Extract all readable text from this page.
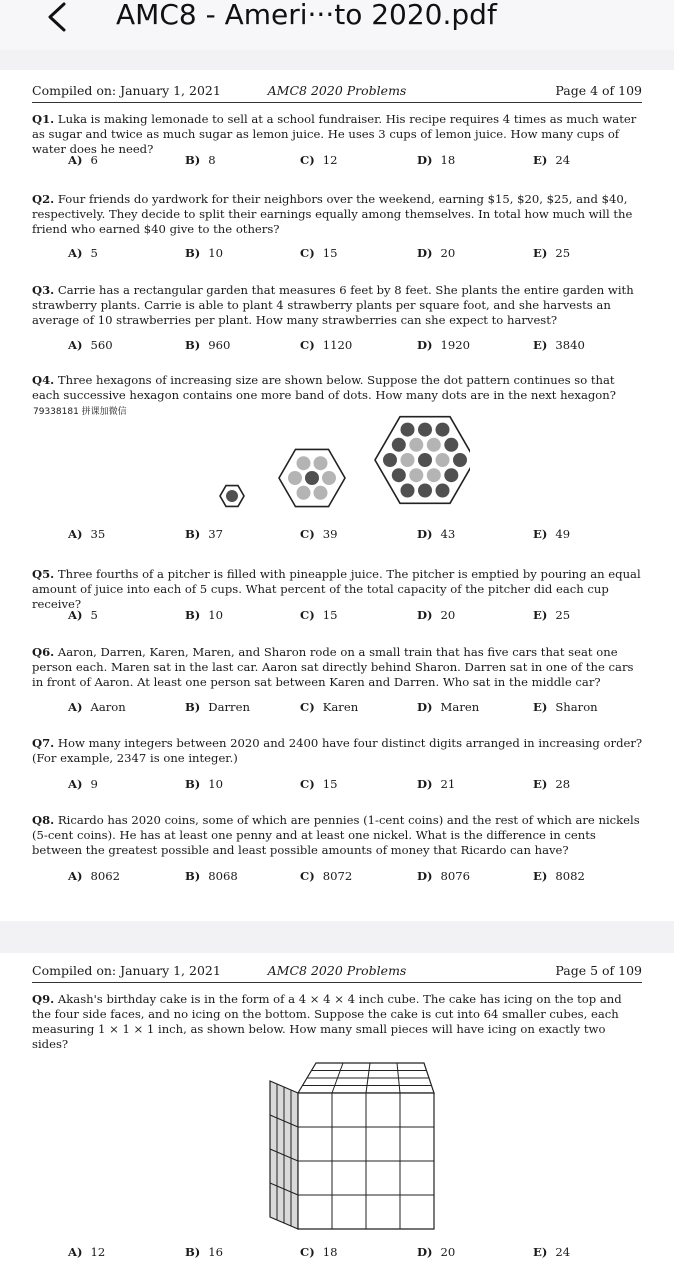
AMC8 - Ameri···to 2020.pdf
Compiled on: January 1, 2021	AMC8 2020 Problems	Page 4 of 109
Q1. Luka is making lemonade to sell at a school fundraiser. His recipe requires 4 times as much water as sugar and twice as much sugar as lemon juice. He uses 3 cups of lemon juice. How many cups of water does he need?
A) 6	B) 8	C) 12	D) 18	E) 24
Q2. Four friends do yardwork for their neighbors over the weekend, earning $15, $20, $25, and $40, respectively. They decide to split their earnings equally among themselves. In total how much will the friend who earned $40 give to the others?
A) 5	B) 10	C) 15	D) 20	E) 25
Q3. Carrie has a rectangular garden that measures 6 feet by 8 feet. She plants the entire garden with strawberry plants. Carrie is able to plant 4 strawberry plants per square foot, and she harvests an average of 10 strawberries per plant. How many strawberries can she expect to harvest?
A) 560	B) 960	C) 1120	D) 1920	E) 3840
Q4. Three hexagons of increasing size are shown below. Suppose the dot pattern continues so that each successive hexagon contains one more band of dots. How many dots are in the next hexagon?79338181 拼课加微信
A) 35	B) 37	C) 39	D) 43	E) 49
Q5. Three fourths of a pitcher is filled with pineapple juice. The pitcher is emptied by pouring an equal amount of juice into each of 5 cups. What percent of the total capacity of the pitcher did each cup receive?
A) 5	B) 10	C) 15	D) 20	E) 25
Q6. Aaron, Darren, Karen, Maren, and Sharon rode on a small train that has five cars that seat one person each. Maren sat in the last car. Aaron sat directly behind Sharon. Darren sat in one of the cars in front of Aaron. At least one person sat between Karen and Darren. Who sat in the middle car?
A) Aaron	B) Darren	C) Karen	D) Maren	E) Sharon
Q7. How many integers between 2020 and 2400 have four distinct digits arranged in increasing order? (For example, 2347 is one integer.)
A) 9	B) 10	C) 15	D) 21	E) 28
Q8. Ricardo has 2020 coins, some of which are pennies (1-cent coins) and the rest of which are nickels (5-cent coins). He has at least one penny and at least one nickel. What is the difference in cents between the greatest possible and least possible amounts of money that Ricardo can have?
A) 8062	B) 8068	C) 8072	D) 8076	E) 8082
Compiled on: January 1, 2021	AMC8 2020 Problems	Page 5 of 109
Q9. Akash's birthday cake is in the form of a 4 × 4 × 4 inch cube. The cake has icing on the top and the four side faces, and no icing on the bottom. Suppose the cake is cut into 64 smaller cubes, each measuring 1 × 1 × 1 inch, as shown below. How many small pieces will have icing on exactly two sides?
A) 12	B) 16	C) 18	D) 20	E) 24
